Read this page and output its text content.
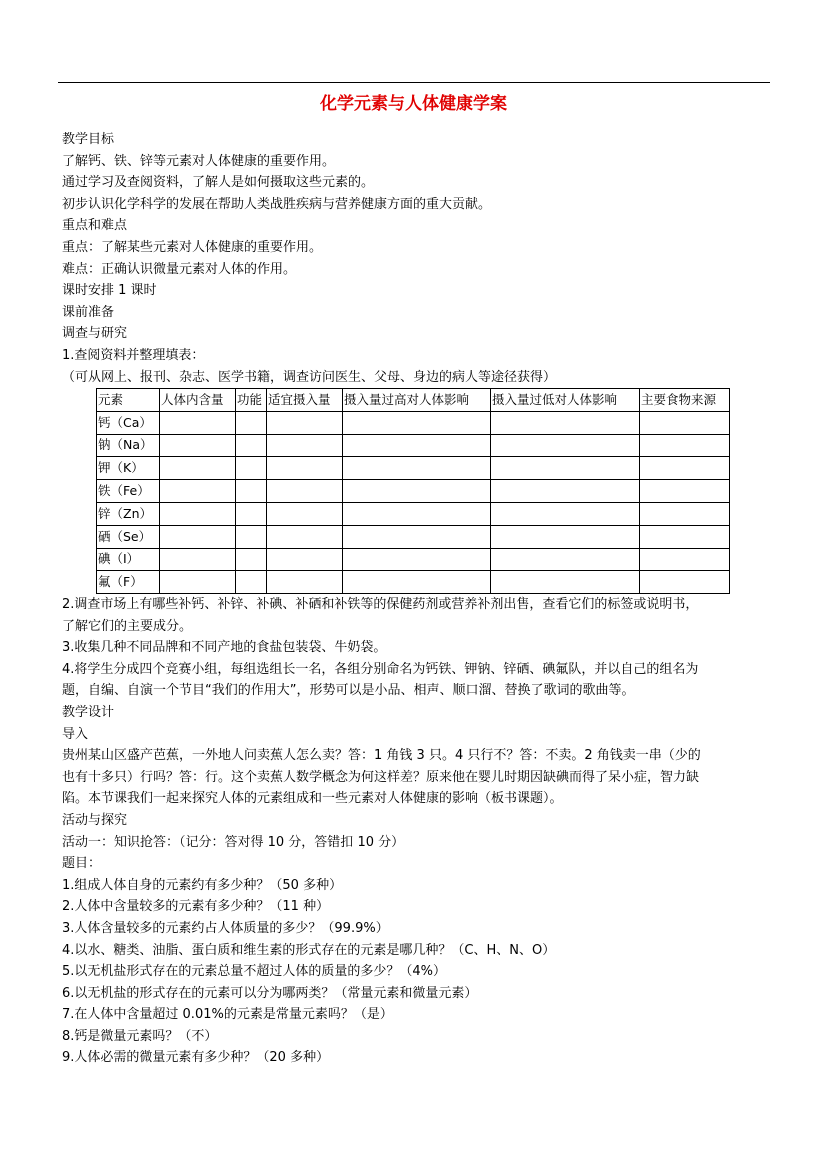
化学元素与人体健康学案
教学目标
了解钙、铁、锌等元素对人体健康的重要作用。
通过学习及查阅资料，了解人是如何摄取这些元素的。
初步认识化学科学的发展在帮助人类战胜疾病与营养健康方面的重大贡献。
重点和难点
重点：了解某些元素对人体健康的重要作用。
难点：正确认识微量元素对人体的作用。
课时安排 1 课时
课前准备
调查与研究
1.查阅资料并整理填表：
（可从网上、报刊、杂志、医学书籍，调查访问医生、父母、身边的病人等途径获得）
元素	人体内含量	功能	适宜摄入量	摄入量过高对人体影响	摄入量过低对人体影响	主要食物来源
钙（Ca）						
钠（Na）						
钾（K）						
铁（Fe）						
锌（Zn）						
硒（Se）						
碘（I）						
氟（F）						
2.调查市场上有哪些补钙、补锌、补碘、补硒和补铁等的保健药剂或营养补剂出售，查看它们的标签或说明书，
了解它们的主要成分。
3.收集几种不同品牌和不同产地的食盐包装袋、牛奶袋。
4.将学生分成四个竞赛小组，每组选组长一名，各组分别命名为钙铁、钾钠、锌硒、碘氟队，并以自己的组名为
题，自编、自演一个节目“我们的作用大”，形势可以是小品、相声、顺口溜、替换了歌词的歌曲等。
教学设计
导入
贵州某山区盛产芭蕉，一外地人问卖蕉人怎么卖？答：1 角钱 3 只。4 只行不？答：不卖。2 角钱卖一串（少的
也有十多只）行吗？答：行。这个卖蕉人数学概念为何这样差？原来他在婴儿时期因缺碘而得了呆小症，智力缺
陷。本节课我们一起来探究人体的元素组成和一些元素对人体健康的影响（板书课题）。
活动与探究
活动一：知识抢答：（记分：答对得 10 分，答错扣 10 分）
题目：
1.组成人体自身的元素约有多少种？（50 多种）
2.人体中含量较多的元素有多少种？（11 种）
3.人体含量较多的元素约占人体质量的多少？（99.9%）
4.以水、糖类、油脂、蛋白质和维生素的形式存在的元素是哪几种？（C、H、N、O）
5.以无机盐形式存在的元素总量不超过人体的质量的多少？（4%）
6.以无机盐的形式存在的元素可以分为哪两类？（常量元素和微量元素）
7.在人体中含量超过 0.01%的元素是常量元素吗？（是）
8.钙是微量元素吗？（不）
9.人体必需的微量元素有多少种？（20 多种）
